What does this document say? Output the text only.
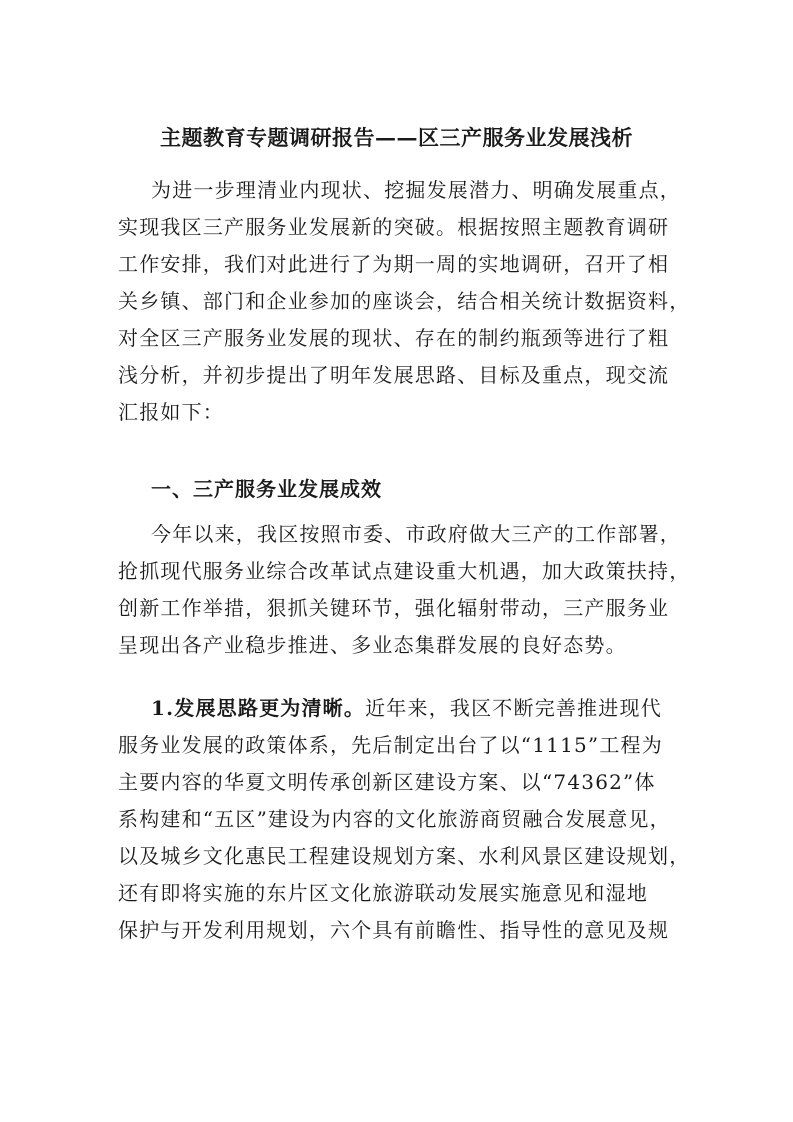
主题教育专题调研报告——区三产服务业发展浅析
为进一步理清业内现状、挖掘发展潜力、明确发展重点，
实现我区三产服务业发展新的突破。根据按照主题教育调研
工作安排，我们对此进行了为期一周的实地调研，召开了相
关乡镇、部门和企业参加的座谈会，结合相关统计数据资料，
对全区三产服务业发展的现状、存在的制约瓶颈等进行了粗
浅分析，并初步提出了明年发展思路、目标及重点，现交流
汇报如下：
一、三产服务业发展成效
今年以来，我区按照市委、市政府做大三产的工作部署，
抢抓现代服务业综合改革试点建设重大机遇，加大政策扶持，
创新工作举措，狠抓关键环节，强化辐射带动，三产服务业
呈现出各产业稳步推进、多业态集群发展的良好态势。
1.发展思路更为清晰。近年来，我区不断完善推进现代
服务业发展的政策体系，先后制定出台了以“1115”工程为
主要内容的华夏文明传承创新区建设方案、以“74362”体
系构建和“五区”建设为内容的文化旅游商贸融合发展意见，
以及城乡文化惠民工程建设规划方案、水利风景区建设规划，
还有即将实施的东片区文化旅游联动发展实施意见和湿地
保护与开发利用规划，六个具有前瞻性、指导性的意见及规
